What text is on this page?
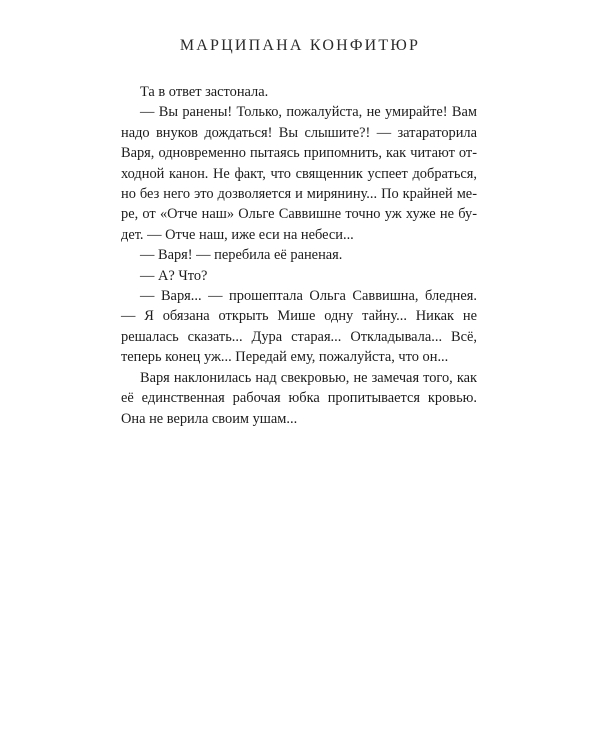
МАРЦИПАНА КОНФИТЮР

Та в ответ застонала.

— Вы ранены! Только, пожалуйста, не умирайте! Вам надо внуков дождаться! Вы слышите?! — затараторила Варя, одновременно пытаясь припомнить, как читают отходной канон. Не факт, что священник успеет добраться, но без него это дозволяется и мирянину... По крайней мере, от «Отче наш» Ольге Саввишне точно уж хуже не будет. — Отче наш, иже еси на небеси...

— Варя! — перебила её раненая.

— А? Что?

— Варя... — прошептала Ольга Саввишна, бледнея. — Я обязана открыть Мише одну тайну... Никак не решалась сказать... Дура старая... Откладывала... Всё, теперь конец уж... Передай ему, пожалуйста, что он...

Варя наклонилась над свекровью, не замечая того, как её единственная рабочая юбка пропитывается кровью. Она не верила своим ушам...
